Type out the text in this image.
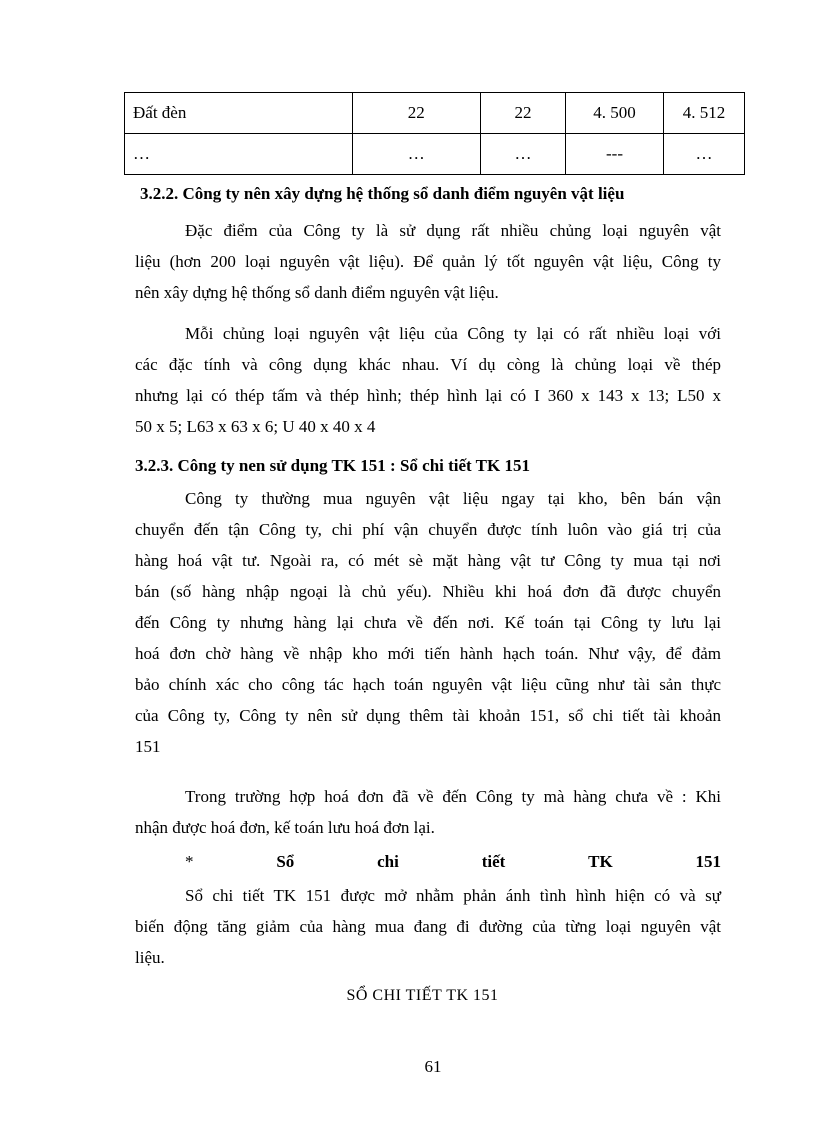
Đất đèn	22	22	4. 500	4. 512
…	…	…	---	…
3.2.2. Công ty nên xây dựng hệ thống sổ danh điểm nguyên vật liệu
Đặc điểm của Công ty là sử dụng rất nhiều chủng loại nguyên vật
liệu (hơn 200 loại nguyên vật liệu). Để quản lý tốt nguyên vật liệu, Công ty
nên xây dựng hệ thống sổ danh điểm nguyên vật liệu.
Mỗi chủng loại nguyên vật liệu của Công ty lại có rất nhiều loại với
các đặc tính và công dụng khác nhau. Ví dụ còng là chủng loại về thép
nhưng lại có thép tấm và thép hình; thép hình lại có I 360 x 143 x 13; L50 x
50 x 5; L63 x 63 x 6; U 40 x 40 x 4
3.2.3. Công ty nen sử dụng TK 151 : Sổ chi tiết TK 151
Công ty thường mua nguyên vật liệu ngay tại kho, bên bán vận
chuyển đến tận Công ty, chi phí vận chuyển được tính luôn vào giá trị của
hàng hoá vật tư. Ngoài ra, có mét sè mặt hàng vật tư Công ty mua tại nơi
bán (số hàng nhập ngoại là chủ yếu). Nhiều khi hoá đơn đã được chuyển
đến Công ty nhưng hàng lại chưa về đến nơi. Kế toán tại Công ty lưu lại
hoá đơn chờ hàng về nhập kho mới tiến hành hạch toán. Như vậy, để đảm
bảo chính xác cho công tác hạch toán nguyên vật liệu cũng như tài sản thực
của Công ty, Công ty nên sử dụng thêm tài khoản 151, sổ chi tiết tài khoản
151
Trong trường hợp hoá đơn đã về đến Công ty mà hàng chưa về : Khi
nhận được hoá đơn, kế toán lưu hoá đơn lại.
*	Sổ	chi	tiết	TK	151
Sổ chi tiết TK 151 được mở nhằm phản ánh tình hình hiện có và sự
biến động tăng giảm của hàng mua đang đi đường của từng loại nguyên vật
liệu.
SỔ CHI TIẾT TK 151
61
